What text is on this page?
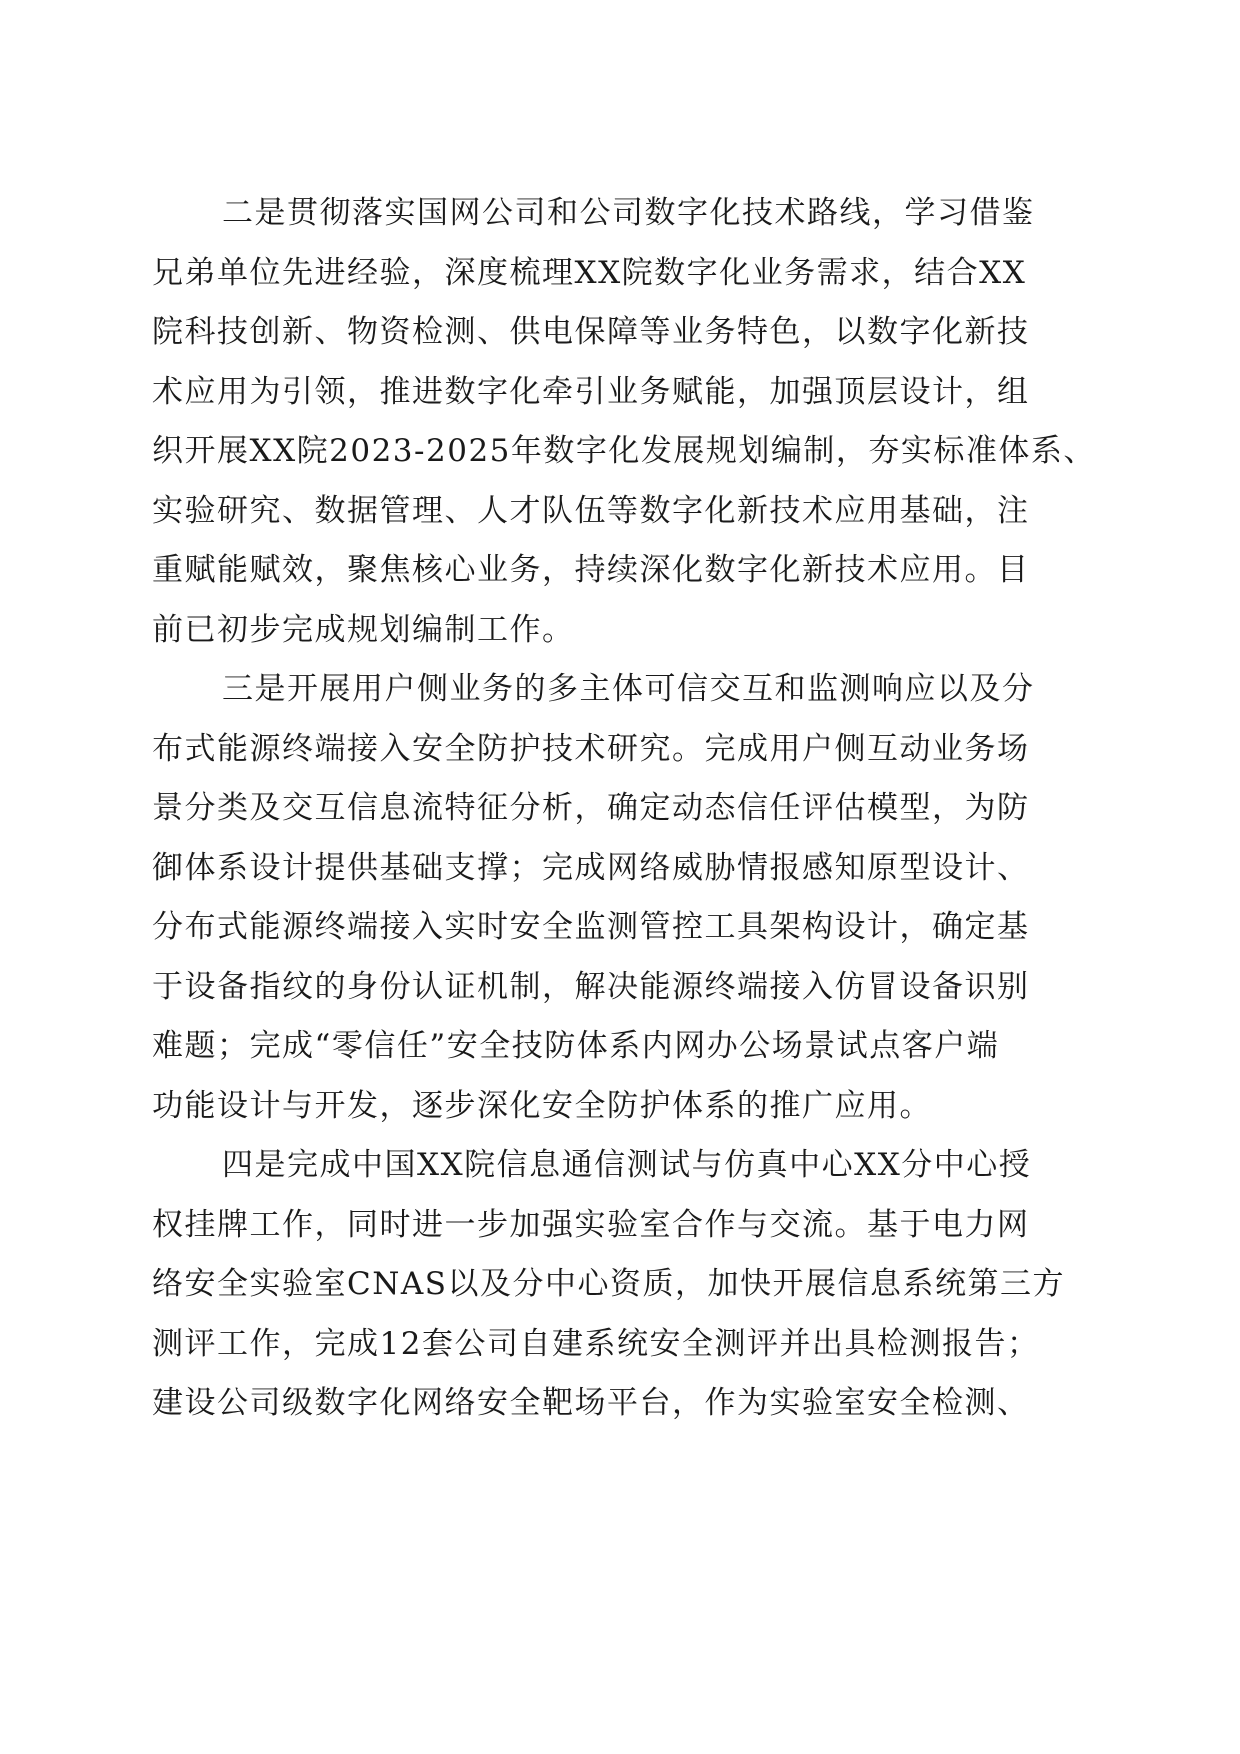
二是贯彻落实国网公司和公司数字化技术路线，学习借鉴
兄弟单位先进经验，深度梳理XX院数字化业务需求，结合XX
院科技创新、物资检测、供电保障等业务特色，以数字化新技
术应用为引领，推进数字化牵引业务赋能，加强顶层设计，组
织开展XX院2023-2025年数字化发展规划编制，夯实标准体系、
实验研究、数据管理、人才队伍等数字化新技术应用基础，注
重赋能赋效，聚焦核心业务，持续深化数字化新技术应用。目
前已初步完成规划编制工作。

三是开展用户侧业务的多主体可信交互和监测响应以及分
布式能源终端接入安全防护技术研究。完成用户侧互动业务场
景分类及交互信息流特征分析，确定动态信任评估模型，为防
御体系设计提供基础支撑；完成网络威胁情报感知原型设计、
分布式能源终端接入实时安全监测管控工具架构设计，确定基
于设备指纹的身份认证机制，解决能源终端接入仿冒设备识别
难题；完成“零信任”安全技防体系内网办公场景试点客户端
功能设计与开发，逐步深化安全防护体系的推广应用。

四是完成中国XX院信息通信测试与仿真中心XX分中心授
权挂牌工作，同时进一步加强实验室合作与交流。基于电力网
络安全实验室CNAS以及分中心资质，加快开展信息系统第三方
测评工作，完成12套公司自建系统安全测评并出具检测报告；
建设公司级数字化网络安全靶场平台，作为实验室安全检测、
